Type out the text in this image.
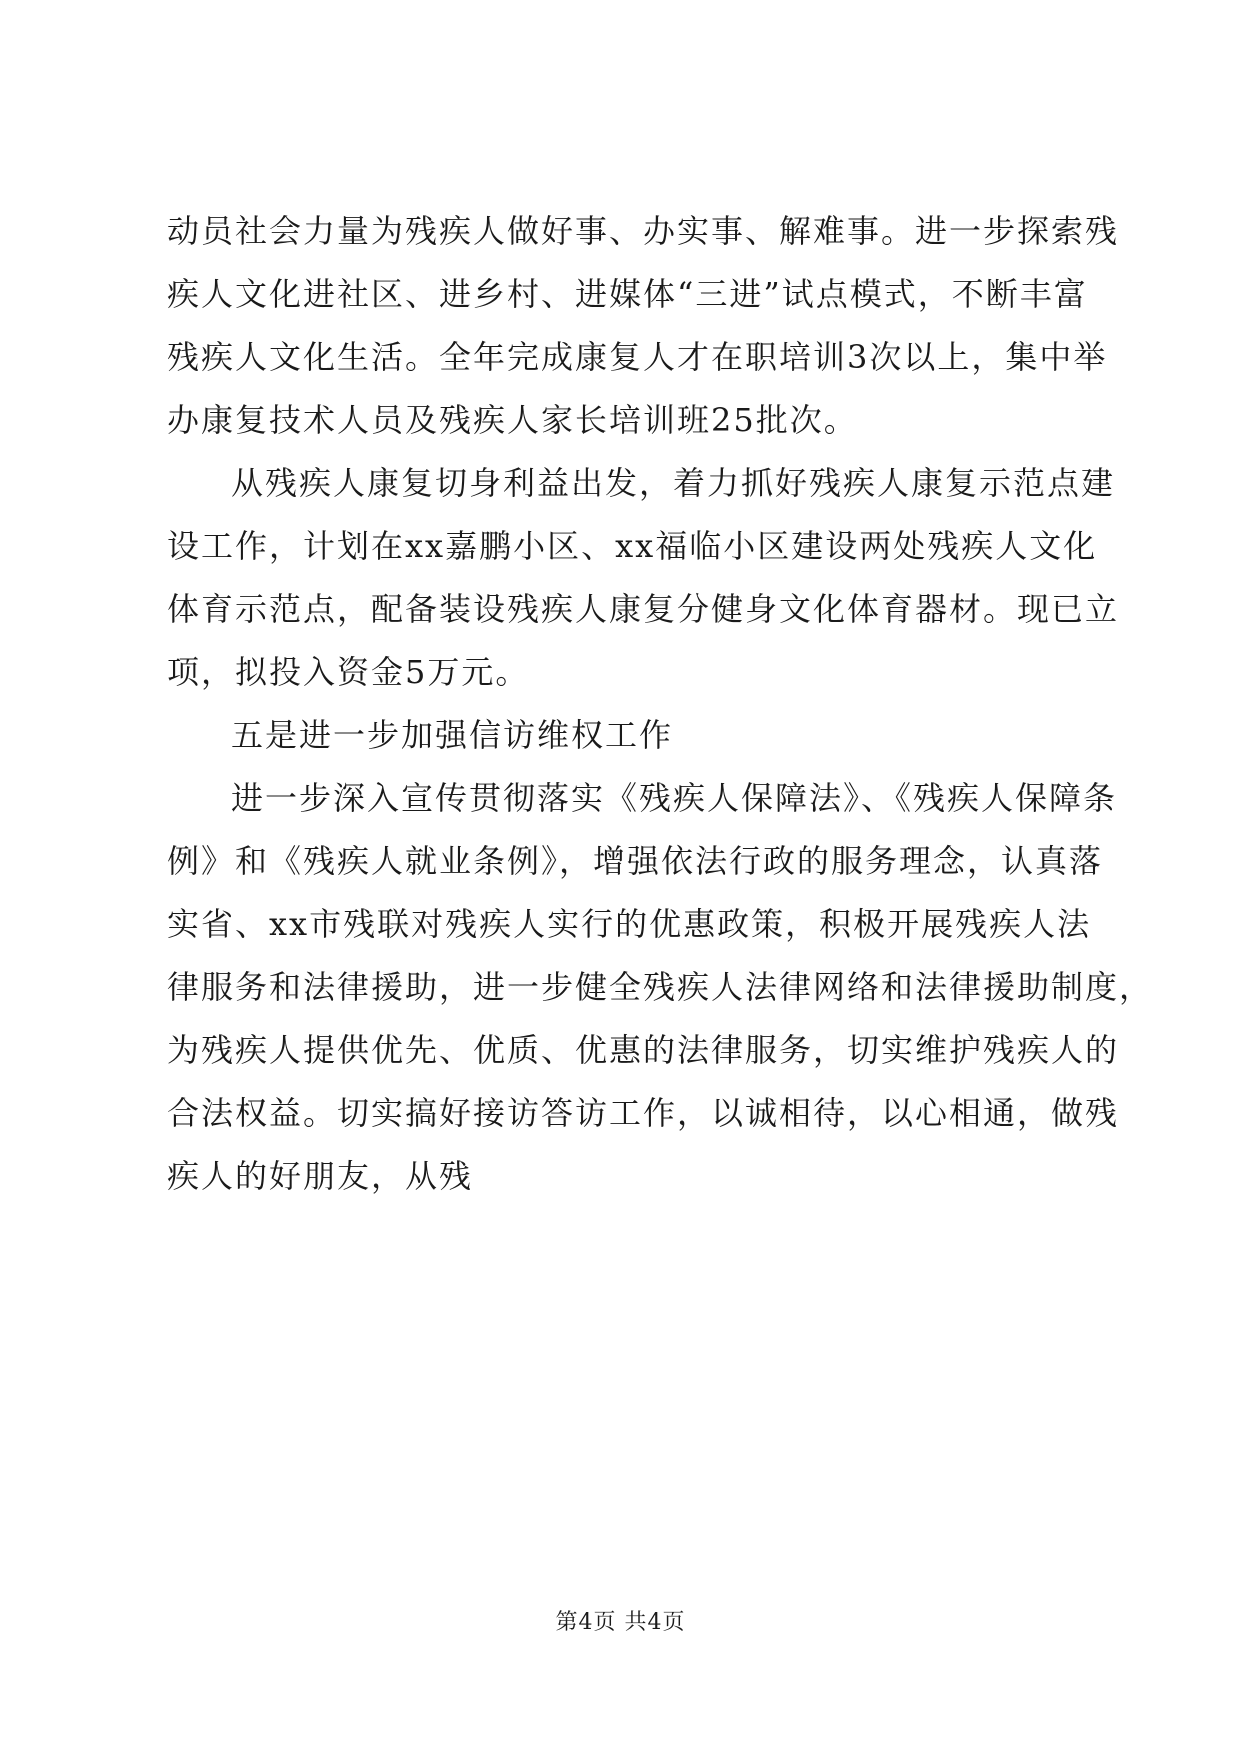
动员社会力量为残疾人做好事、办实事、解难事。进一步探索残
疾人文化进社区、进乡村、进媒体“三进”试点模式，不断丰富
残疾人文化生活。全年完成康复人才在职培训3次以上，集中举
办康复技术人员及残疾人家长培训班25批次。
从残疾人康复切身利益出发，着力抓好残疾人康复示范点建
设工作，计划在xx嘉鹏小区、xx福临小区建设两处残疾人文化
体育示范点，配备装设残疾人康复分健身文化体育器材。现已立
项，拟投入资金5万元。
五是进一步加强信访维权工作
进一步深入宣传贯彻落实《残疾人保障法》、《残疾人保障条
例》和《残疾人就业条例》，增强依法行政的服务理念，认真落
实省、xx市残联对残疾人实行的优惠政策，积极开展残疾人法
律服务和法律援助，进一步健全残疾人法律网络和法律援助制度，
为残疾人提供优先、优质、优惠的法律服务，切实维护残疾人的
合法权益。切实搞好接访答访工作，以诚相待，以心相通，做残
疾人的好朋友，从残
第4页 共4页
